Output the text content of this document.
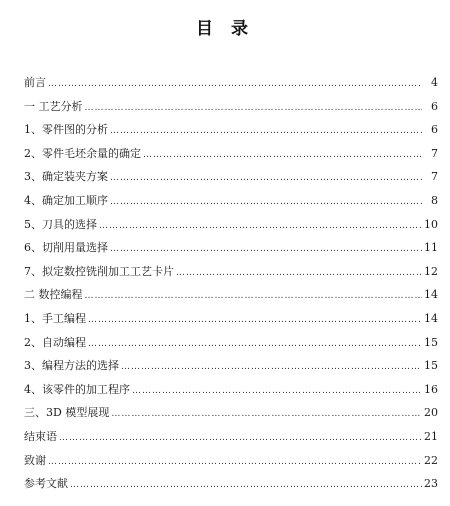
目 录
前言 ……………………………………………………………………………………………………………………………………………………………………	4
一 工艺分析 ……………………………………………………………………………………………………………………………………………………………………	6
1、零件图的分析 ……………………………………………………………………………………………………………………………………………………………………	6
2、零件毛坯余量的确定 ……………………………………………………………………………………………………………………………………………………………………	7
3、确定装夹方案 ……………………………………………………………………………………………………………………………………………………………………	7
4、确定加工顺序 ……………………………………………………………………………………………………………………………………………………………………	8
5、刀具的选择 ……………………………………………………………………………………………………………………………………………………………………	10
6、切削用量选择 ……………………………………………………………………………………………………………………………………………………………………	11
7、拟定数控铣削加工工艺卡片 ……………………………………………………………………………………………………………………………………………………………………	12
二 数控编程 ……………………………………………………………………………………………………………………………………………………………………	14
1、手工编程 ……………………………………………………………………………………………………………………………………………………………………	14
2、自动编程 ……………………………………………………………………………………………………………………………………………………………………	15
3、编程方法的选择 ……………………………………………………………………………………………………………………………………………………………………	15
4、该零件的加工程序 ……………………………………………………………………………………………………………………………………………………………………	16
三、3D 模型展现 ……………………………………………………………………………………………………………………………………………………………………	20
结束语 ……………………………………………………………………………………………………………………………………………………………………	21
致谢 ……………………………………………………………………………………………………………………………………………………………………	22
参考文献 ……………………………………………………………………………………………………………………………………………………………………	23
